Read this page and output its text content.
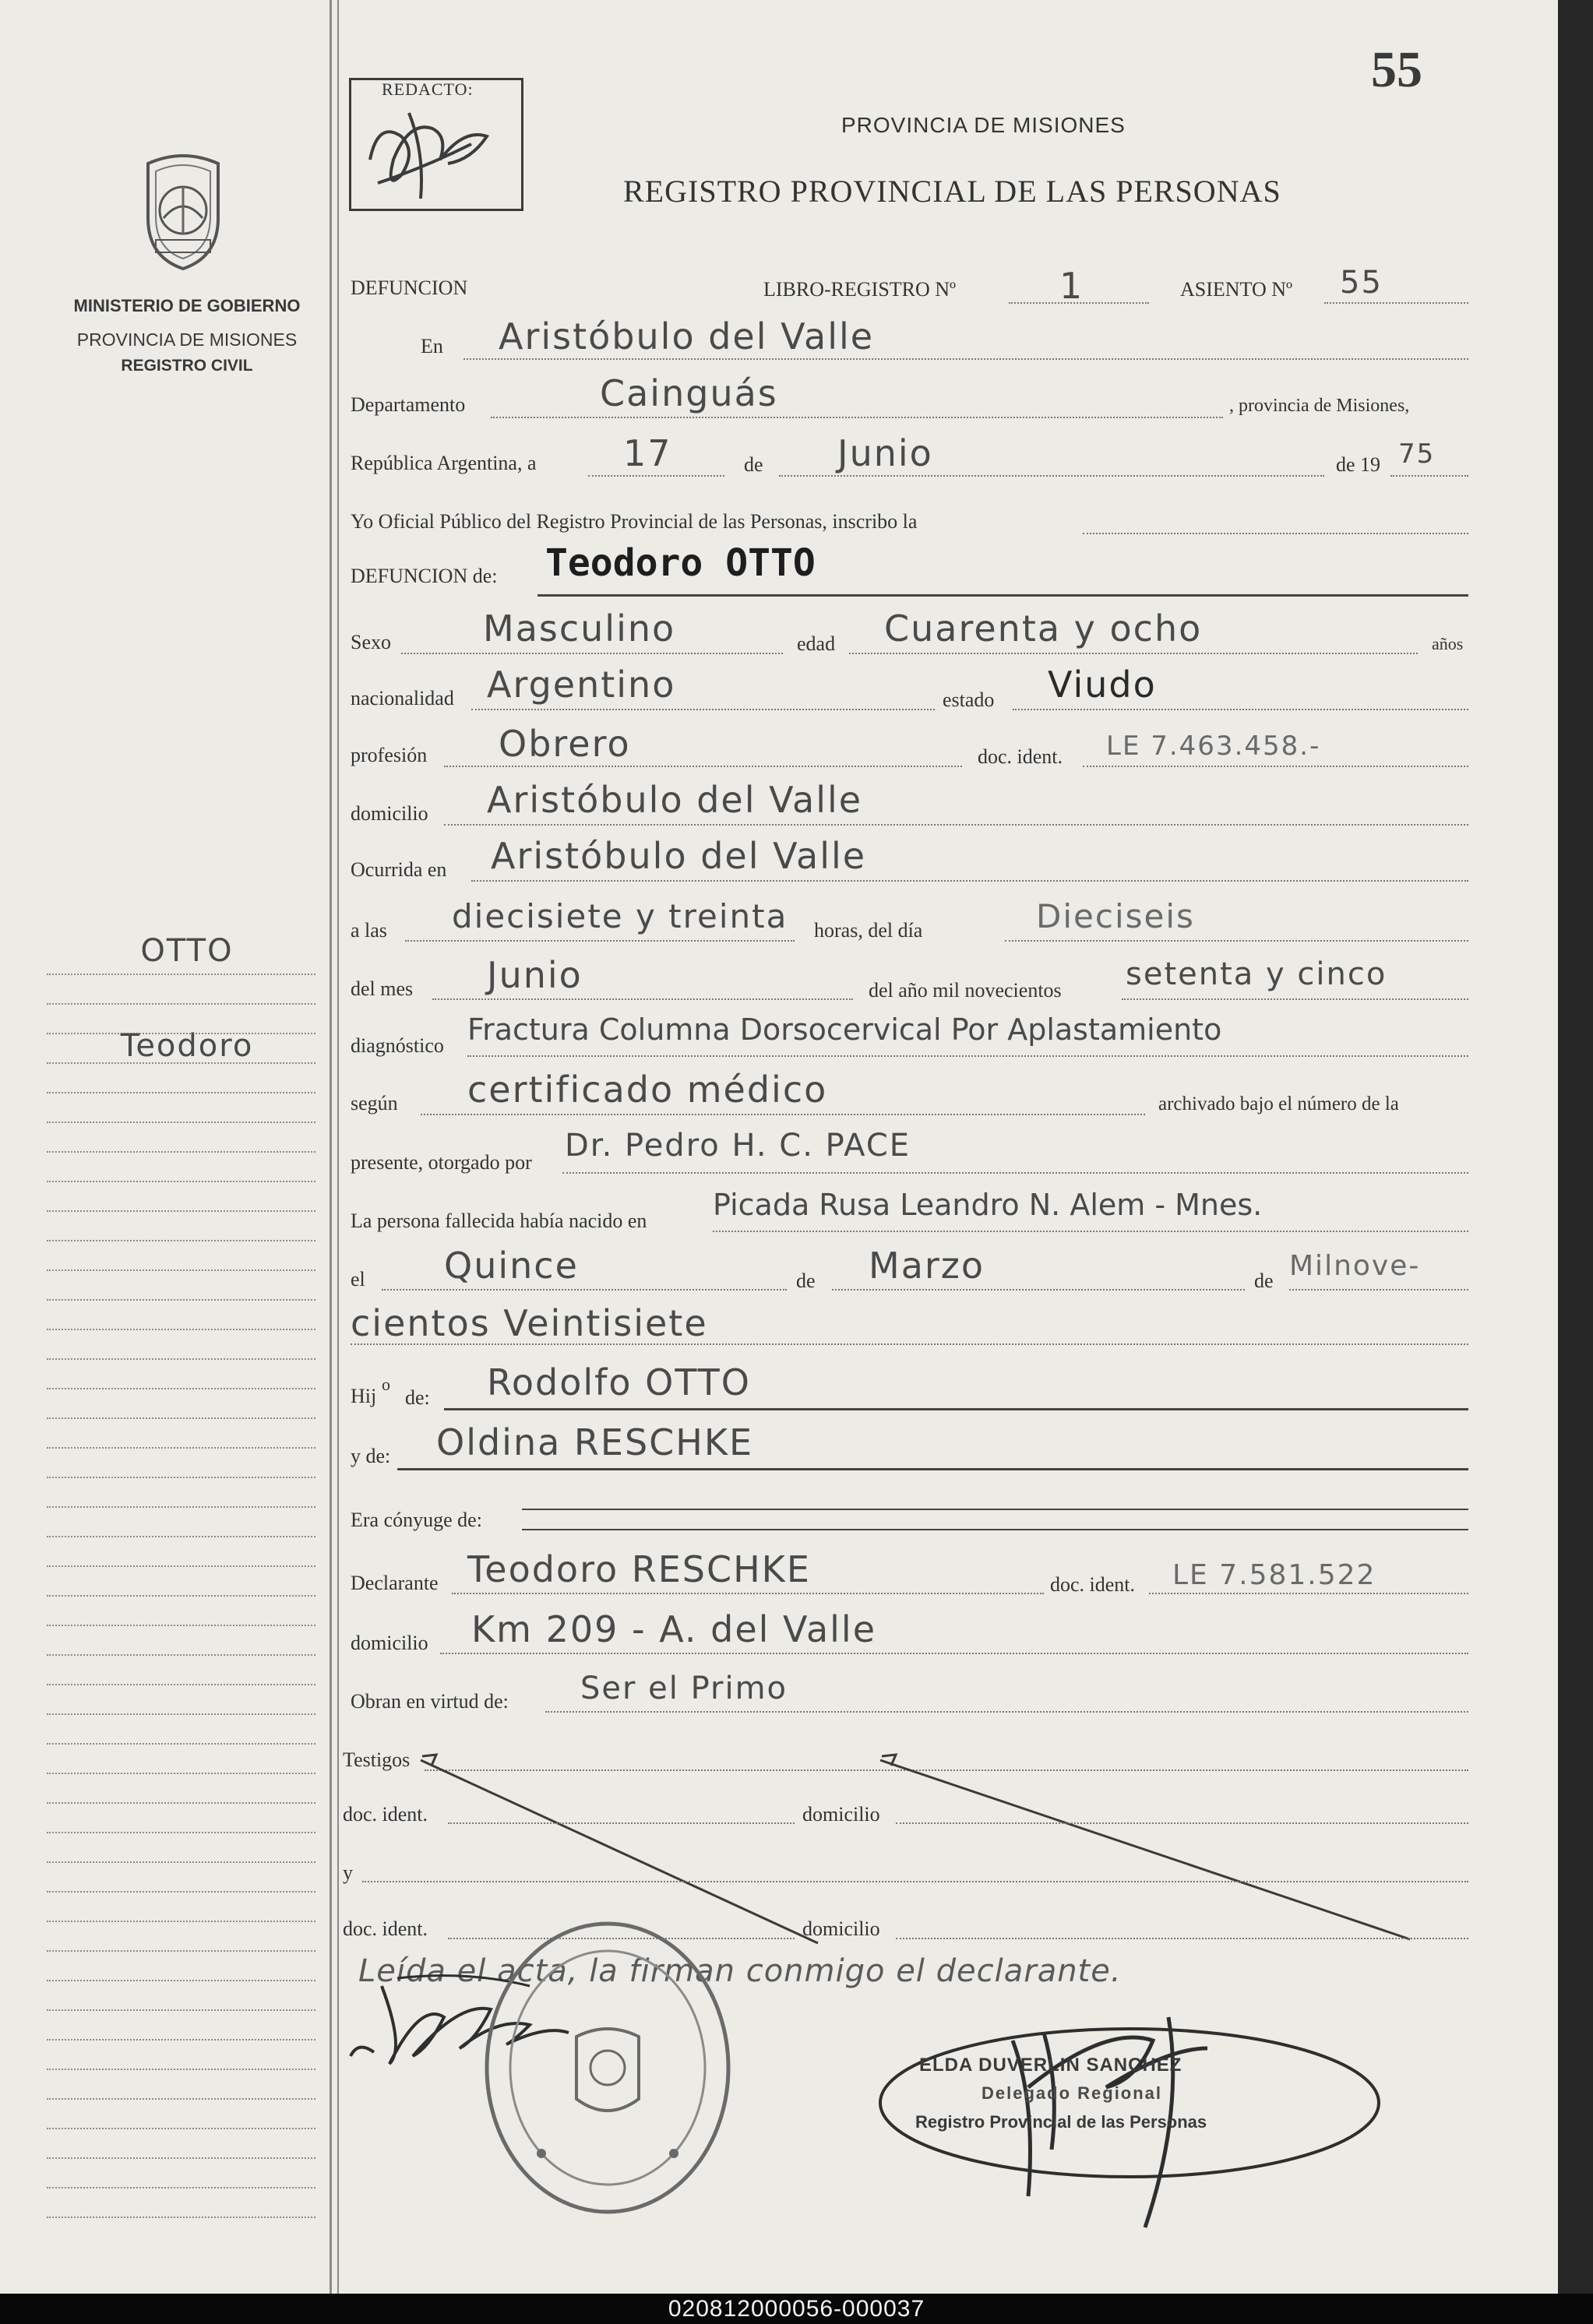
020812000056-000037
MINISTERIO DE GOBIERNO
PROVINCIA DE MISIONES
REGISTRO CIVIL
OTTO
Teodoro
55
REDACTO:
PROVINCIA DE MISIONES
REGISTRO PROVINCIAL DE LAS PERSONAS
DEFUNCION	LIBRO-REGISTRO Nº	1	ASIENTO Nº 55
En Aristóbulo del Valle
Departamento	Cainguás	, provincia de Misiones,
República Argentina, a 17	de Junio	de 19 75
Yo Oficial Público del Registro Provincial de las Personas, inscribo la
DEFUNCION de: Teodoro OTTO
Sexo	Masculino	edad Cuarenta y ocho	años
nacionalidad Argentino	estado Viudo
profesión Obrero	doc. ident. LE 7.463.458.-
domicilio Aristóbulo del Valle
Ocurrida en Aristóbulo del Valle
a las diecisiete y treinta horas, del día	Dieciseis
del mes Junio	del año mil novecientos setenta y cinco
diagnóstico Fractura Columna Dorsocervical Por Aplastamiento
según certificado médico	archivado bajo el número de la
presente, otorgado por Dr. Pedro H. C. PACE
La persona fallecida había nacido en Picada Rusa Leandro N. Alem - Mnes.
el Quince	de Marzo	de Milnove-
cientos Veintisiete
Hij
o
de: Rodolfo OTTO
y de: Oldina RESCHKE
Era cónyuge de:
Declarante Teodoro RESCHKE	doc. ident. LE 7.581.522
domicilio Km 209 - A. del Valle
Obran en virtud de: Ser el Primo
Testigos
doc. ident.	domicilio
y
doc. ident.	domicilio
Leída el acta, la firman conmigo el declarante.
ELDA DUVERLIN SANCHEZ
Delegado Regional
Registro Provincial de las Personas
